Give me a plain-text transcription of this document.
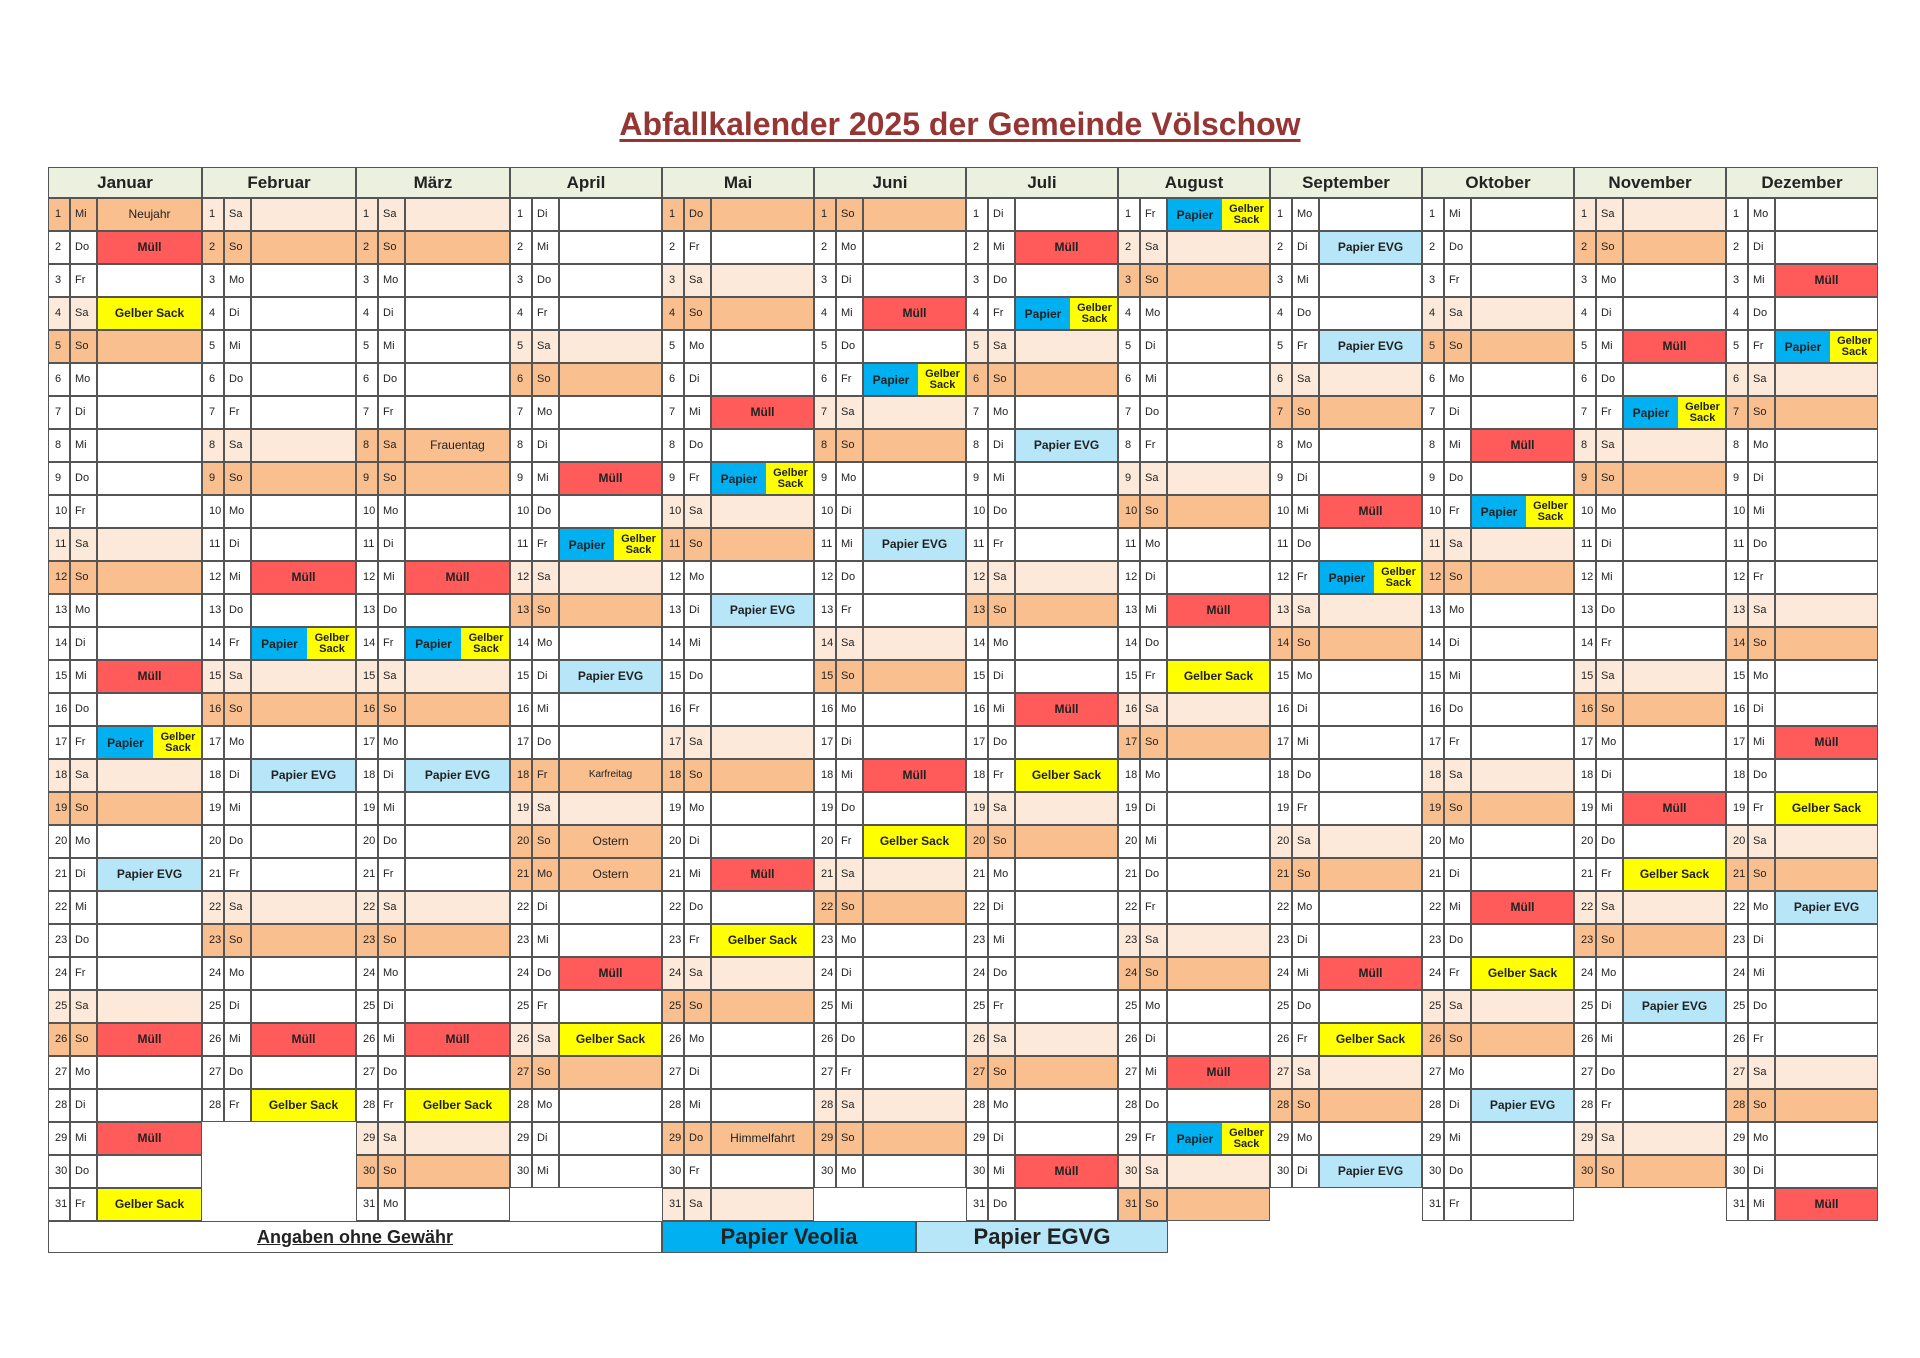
Abfallkalender 2025 der Gemeinde Völschow
Januar
1	Mi	Neujahr
2	Do	Müll
3	Fr
4	Sa	Gelber Sack
5	So
6	Mo
7	Di
8	Mi
9	Do
10 Fr
11 Sa
12 So
13 Mo
14 Di
15 Mi	Müll
16 Do
17 Fr	Papier	Gelber
Sack
18 Sa
19 So
20 Mo
21 Di	Papier EVG
22 Mi
23 Do
24 Fr
25 Sa
26 So	Müll
27 Mo
28 Di
29 Mi	Müll
30 Do
31 Fr	Gelber Sack
Februar
1	Sa
2	So
3	Mo
4	Di
5	Mi
6	Do
7	Fr
8	Sa
9	So
10 Mo
11 Di
12 Mi	Müll
13 Do
14 Fr	Papier	Gelber
Sack
15 Sa
16 So
17 Mo
18 Di	Papier EVG
19 Mi
20 Do
21 Fr
22 Sa
23 So
24 Mo
25 Di
26 Mi	Müll
27 Do
28 Fr	Gelber Sack
März
1	Sa
2	So
3	Mo
4	Di
5	Mi
6	Do
7	Fr
8	Sa	Frauentag
9	So
10 Mo
11 Di
12 Mi	Müll
13 Do
14 Fr	Papier	Gelber
Sack
15 Sa
16 So
17 Mo
18 Di	Papier EVG
19 Mi
20 Do
21 Fr
22 Sa
23 So
24 Mo
25 Di
26 Mi	Müll
27 Do
28 Fr	Gelber Sack
29 Sa
30 So
31 Mo
April
1	Di
2	Mi
3	Do
4	Fr
5	Sa
6	So
7	Mo
8	Di
9	Mi	Müll
10 Do
11 Fr	Papier	Gelber
Sack
12 Sa
13 So
14 Mo
15 Di	Papier EVG
16 Mi
17 Do
18 Fr	Karfreitag
19 Sa
20 So	Ostern
21 Mo	Ostern
22 Di
23 Mi
24 Do	Müll
25 Fr
26 Sa	Gelber Sack
27 So
28 Mo
29 Di
30 Mi
Mai
1	Do
2	Fr
3	Sa
4	So
5	Mo
6	Di
7	Mi	Müll
8	Do
9	Fr	Papier	Gelber
Sack
10 Sa
11 So
12 Mo
13 Di	Papier EVG
14 Mi
15 Do
16 Fr
17 Sa
18 So
19 Mo
20 Di
21 Mi	Müll
22 Do
23 Fr	Gelber Sack
24 Sa
25 So
26 Mo
27 Di
28 Mi
29 Do	Himmelfahrt
30 Fr
31 Sa
Juni
1	So
2	Mo
3	Di
4	Mi	Müll
5	Do
6	Fr	Papier	Gelber
Sack
7	Sa
8	So
9	Mo
10 Di
11 Mi	Papier EVG
12 Do
13 Fr
14 Sa
15 So
16 Mo
17 Di
18 Mi	Müll
19 Do
20 Fr	Gelber Sack
21 Sa
22 So
23 Mo
24 Di
25 Mi
26 Do
27 Fr
28 Sa
29 So
30 Mo
Juli
1	Di
2	Mi	Müll
3	Do
4	Fr	Papier	Gelber
Sack
5	Sa
6	So
7	Mo
8	Di	Papier EVG
9	Mi
10 Do
11 Fr
12 Sa
13 So
14 Mo
15 Di
16 Mi	Müll
17 Do
18 Fr	Gelber Sack
19 Sa
20 So
21 Mo
22 Di
23 Mi
24 Do
25 Fr
26 Sa
27 So
28 Mo
29 Di
30 Mi	Müll
31 Do
August
1	Fr	Papier	Gelber
Sack
2	Sa
3	So
4	Mo
5	Di
6	Mi
7	Do
8	Fr
9	Sa
10 So
11 Mo
12 Di
13 Mi	Müll
14 Do
15 Fr	Gelber Sack
16 Sa
17 So
18 Mo
19 Di
20 Mi
21 Do
22 Fr
23 Sa
24 So
25 Mo
26 Di
27 Mi	Müll
28 Do
29 Fr	Papier	Gelber
Sack
30 Sa
31 So
September
1	Mo
2	Di	Papier EVG
3	Mi
4	Do
5	Fr	Papier EVG
6	Sa
7	So
8	Mo
9	Di
10 Mi	Müll
11 Do
12 Fr	Papier	Gelber
Sack
13 Sa
14 So
15 Mo
16 Di
17 Mi
18 Do
19 Fr
20 Sa
21 So
22 Mo
23 Di
24 Mi	Müll
25 Do
26 Fr	Gelber Sack
27 Sa
28 So
29 Mo
30 Di	Papier EVG
Oktober
1	Mi
2	Do
3	Fr
4	Sa
5	So
6	Mo
7	Di
8	Mi	Müll
9	Do
10 Fr	Papier	Gelber
Sack
11 Sa
12 So
13 Mo
14 Di
15 Mi
16 Do
17 Fr
18 Sa
19 So
20 Mo
21 Di
22 Mi	Müll
23 Do
24 Fr	Gelber Sack
25 Sa
26 So
27 Mo
28 Di	Papier EVG
29 Mi
30 Do
31 Fr
November
1	Sa
2	So
3	Mo
4	Di
5	Mi	Müll
6	Do
7	Fr	Papier	Gelber
Sack
8	Sa
9	So
10 Mo
11 Di
12 Mi
13 Do
14 Fr
15 Sa
16 So
17 Mo
18 Di
19 Mi	Müll
20 Do
21 Fr	Gelber Sack
22 Sa
23 So
24 Mo
25 Di	Papier EVG
26 Mi
27 Do
28 Fr
29 Sa
30 So
Dezember
1	Mo
2	Di
3	Mi	Müll
4	Do
5	Fr	Papier	Gelber
Sack
6	Sa
7	So
8	Mo
9	Di
10 Mi
11 Do
12 Fr
13 Sa
14 So
15 Mo
16 Di
17 Mi	Müll
18 Do
19 Fr	Gelber Sack
20 Sa
21 So
22 Mo	Papier EVG
23 Di
24 Mi
25 Do
26 Fr
27 Sa
28 So
29 Mo
30 Di
31 Mi	Müll
Angaben ohne Gewähr	Papier Veolia	Papier EGVG
